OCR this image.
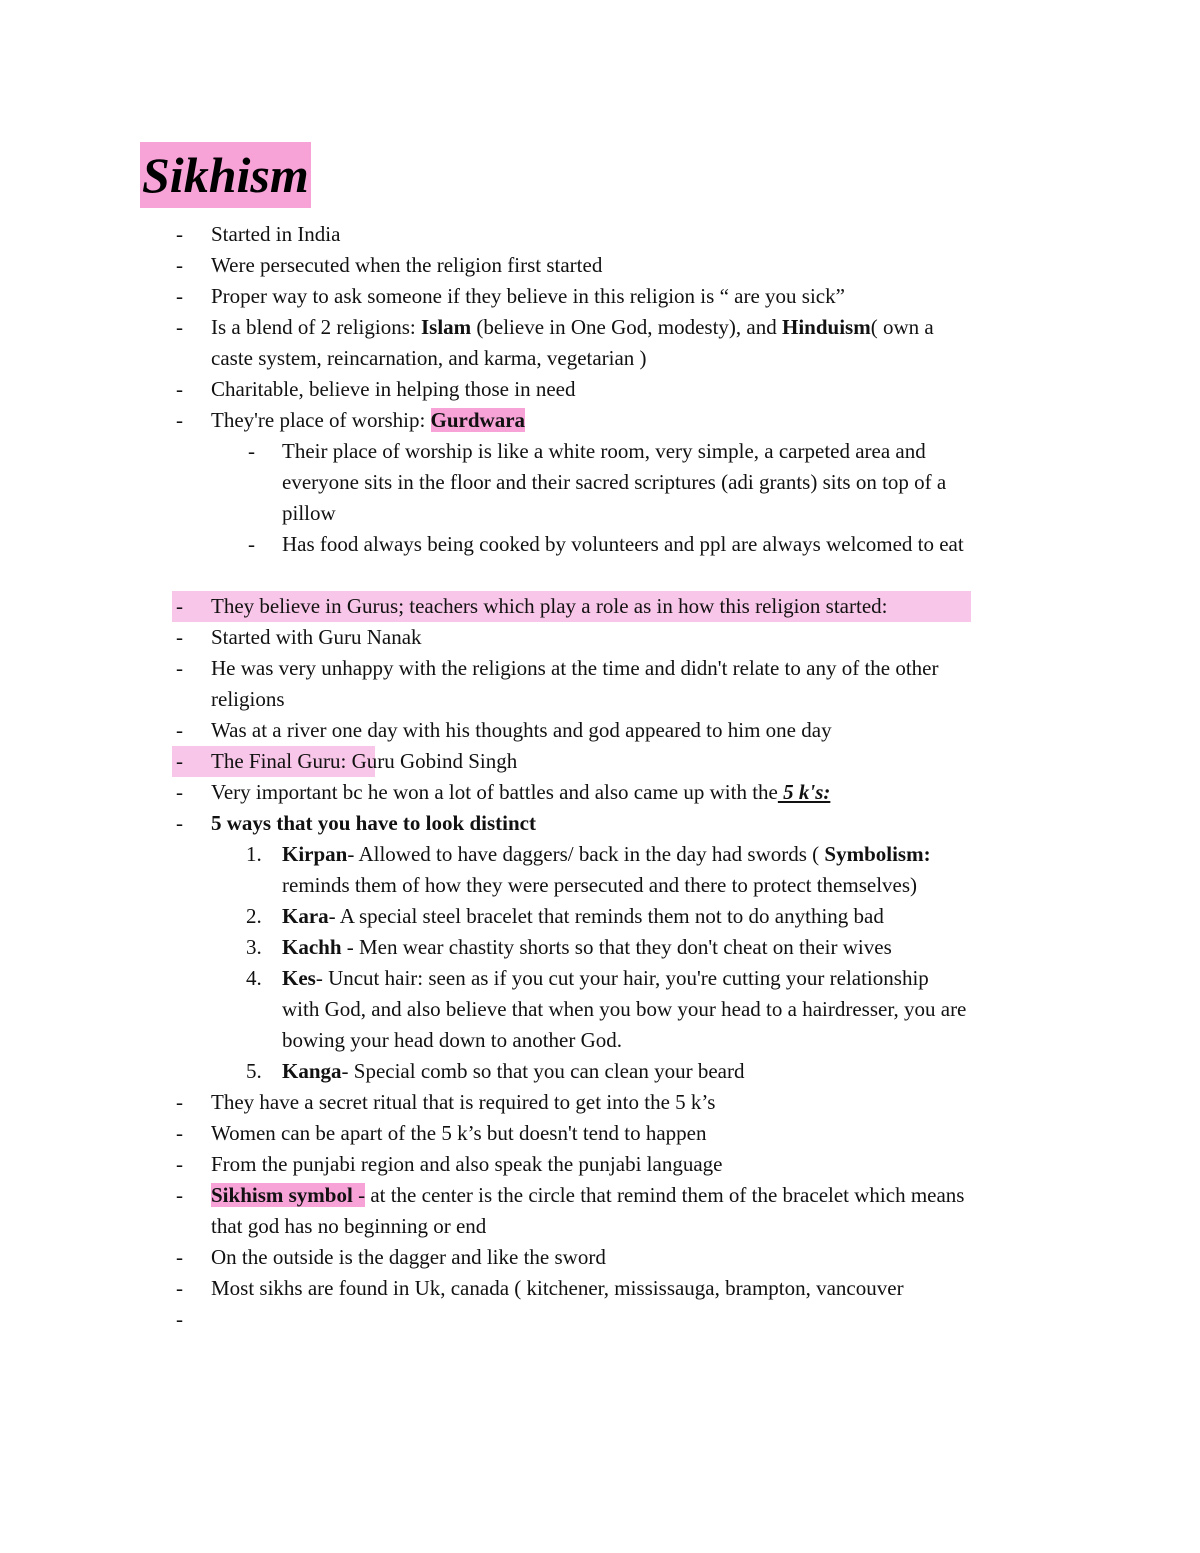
Sikhism
-	Started in India
-	Were persecuted when the religion first started
-	Proper way to ask someone if they believe in this religion is “ are you sick”
-	Is a blend of 2 religions: Islam (believe in One God, modesty), and Hinduism( own a
caste system, reincarnation, and karma, vegetarian )
-	Charitable, believe in helping those in need
-	They're place of worship: Gurdwara
-	Their place of worship is like a white room, very simple, a carpeted area and
everyone sits in the floor and their sacred scriptures (adi grants) sits on top of a
pillow
-	Has food always being cooked by volunteers and ppl are always welcomed to eat
-	They believe in Gurus; teachers which play a role as in how this religion started:
-	Started with Guru Nanak
-	He was very unhappy with the religions at the time and didn't relate to any of the other
religions
-	Was at a river one day with his thoughts and god appeared to him one day
-	The Final Guru: Guru Gobind Singh
-	Very important bc he won a lot of battles and also came up with the 5 k's:
-	5 ways that you have to look distinct
1. Kirpan- Allowed to have daggers/ back in the day had swords ( Symbolism:
reminds them of how they were persecuted and there to protect themselves)
2. Kara- A special steel bracelet that reminds them not to do anything bad
3. Kachh - Men wear chastity shorts so that they don't cheat on their wives
4. Kes- Uncut hair: seen as if you cut your hair, you're cutting your relationship
with God, and also believe that when you bow your head to a hairdresser, you are
bowing your head down to another God.
5. Kanga- Special comb so that you can clean your beard
-	They have a secret ritual that is required to get into the 5 k’s
-	Women can be apart of the 5 k’s but doesn't tend to happen
-	From the punjabi region and also speak the punjabi language
-	Sikhism symbol - at the center is the circle that remind them of the bracelet which means
that god has no beginning or end
-	On the outside is the dagger and like the sword
-	Most sikhs are found in Uk, canada ( kitchener, mississauga, brampton, vancouver
-
